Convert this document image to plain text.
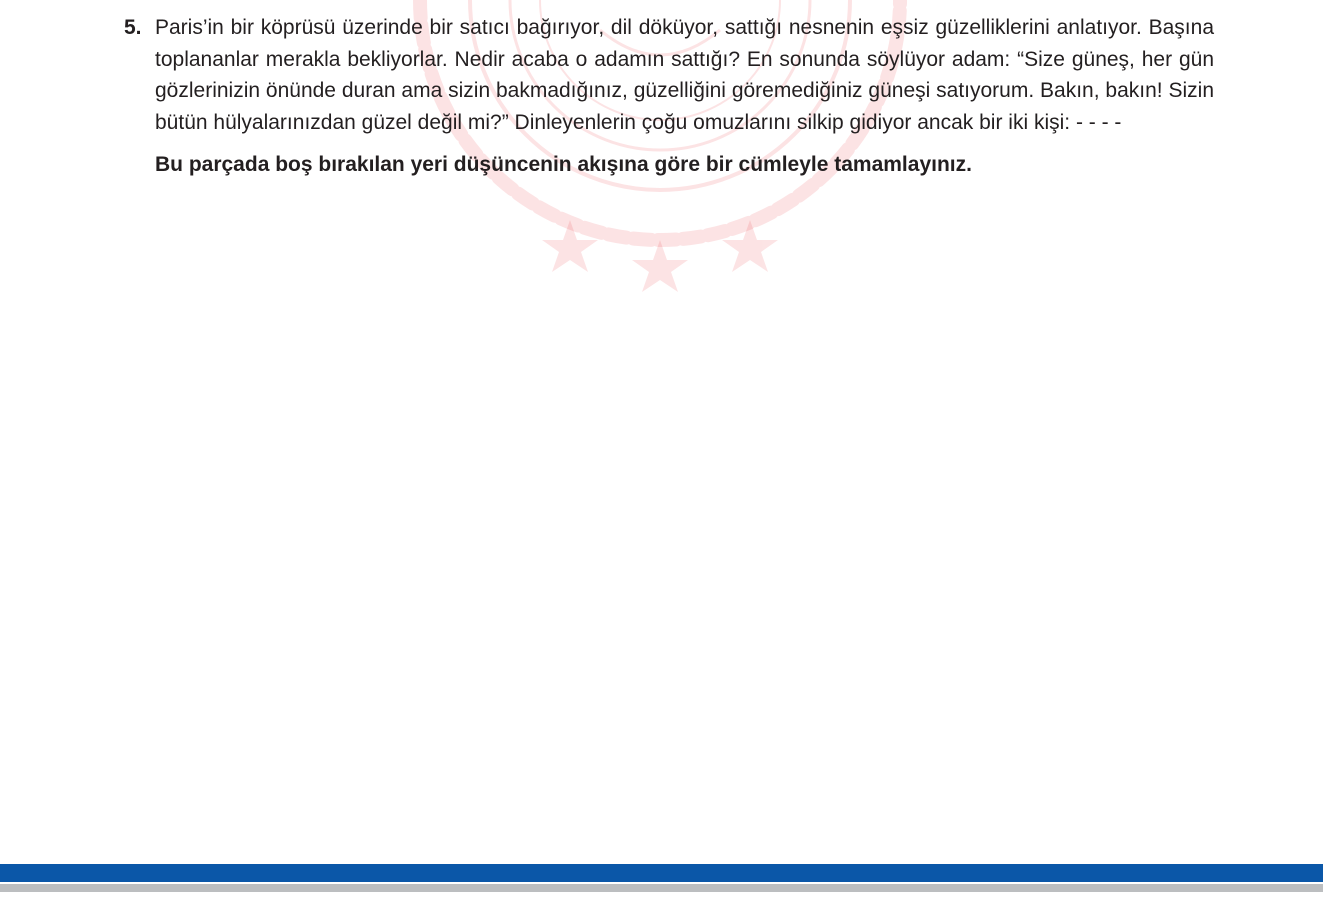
5. Paris’in bir köprüsü üzerinde bir satıcı bağırıyor, dil döküyor, sattığı nesnenin eşsiz güzelliklerini anlatıyor. Başına toplananlar merakla bekliyorlar. Nedir acaba o adamın sattığı? En sonunda söylüyor adam: “Size güneş, her gün gözlerinizin önünde duran ama sizin bakmadığınız, güzelliğini göremediğiniz güneşi satıyorum. Bakın, bakın! Sizin bütün hülyalarınızdan güzel değil mi?” Dinleyenlerin çoğu omuzlarını silkip gidiyor ancak bir iki kişi: - - - -
Bu parçada boş bırakılan yeri düşüncenin akışına göre bir cümleyle tamamlayınız.
